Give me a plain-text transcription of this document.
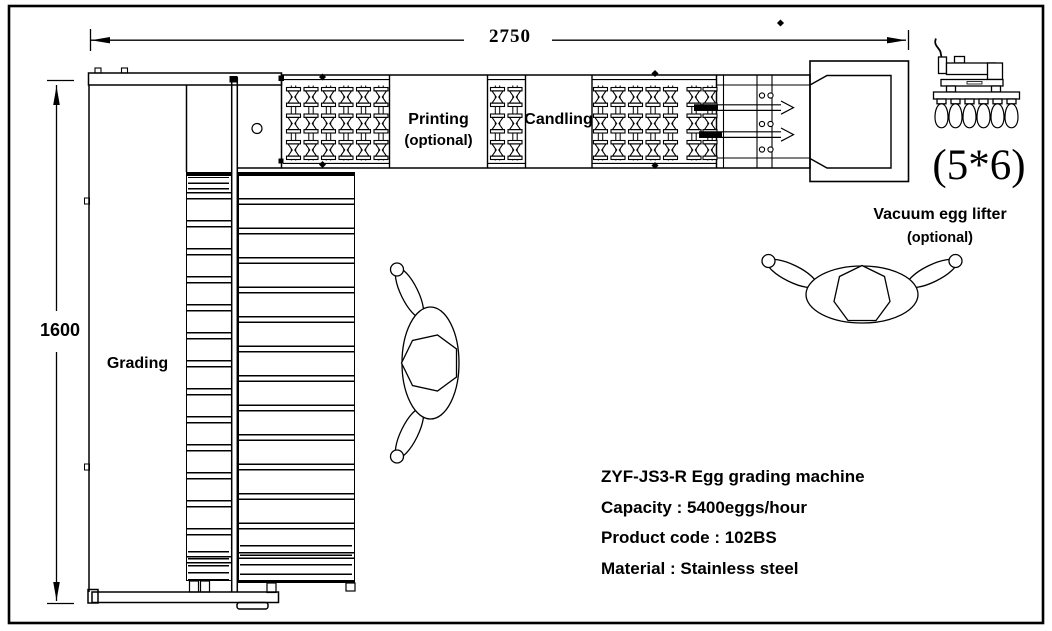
2750
1600
Grading
Printing
(optional)
Candling
(5*6)
Vacuum egg lifter
(optional)
ZYF-JS3-R Egg grading machine
Capacity : 5400eggs/hour
Product code : 102BS
Material : Stainless steel
